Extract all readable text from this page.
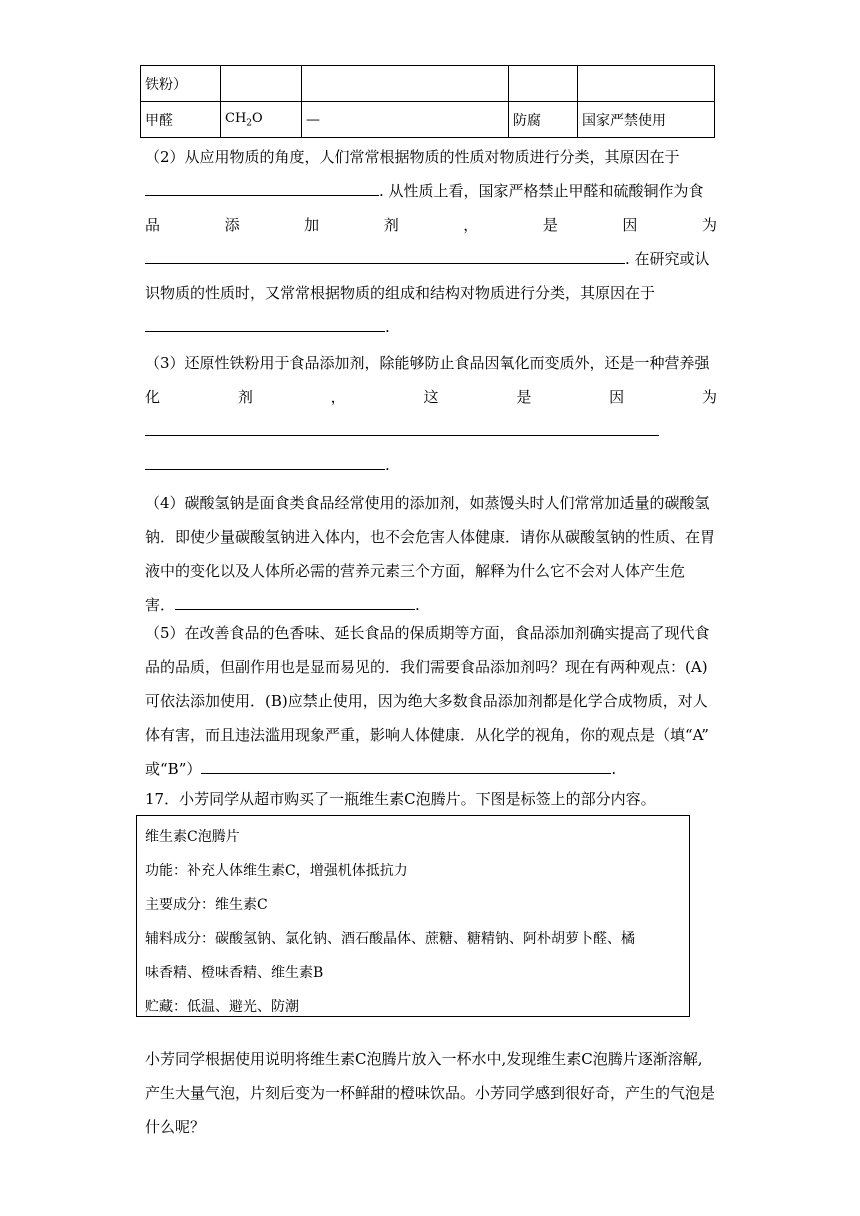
铁粉）				
甲醛	$CH_2O$	—	防腐	国家严禁使用
（2）从应用物质的角度，人们常常根据物质的性质对物质进行分类，其原因在于
. 从性质上看，国家严格禁止甲醛和硫酸铜作为食
品	添	加	剂	，	是	因	为
. 在研究或认
识物质的性质时，又常常根据物质的组成和结构对物质进行分类，其原因在于
.
（3）还原性铁粉用于食品添加剂，除能够防止食品因氧化而变质外，还是一种营养强
化	剂	，	这	是	因	为
.
（4）碳酸氢钠是面食类食品经常使用的添加剂，如蒸馒头时人们常常加适量的碳酸氢
钠．即使少量碳酸氢钠进入体内，也不会危害人体健康．请你从碳酸氢钠的性质、在胃
液中的变化以及人体所必需的营养元素三个方面，解释为什么它不会对人体产生危
害．	.
（5）在改善食品的色香味、延长食品的保质期等方面，食品添加剂确实提高了现代食
品的品质，但副作用也是显而易见的．我们需要食品添加剂吗？现在有两种观点：(A)
可依法添加使用．(B)应禁止使用，因为绝大多数食品添加剂都是化学合成物质，对人
体有害，而且违法滥用现象严重，影响人体健康．从化学的视角，你的观点是（填“A”
或“B”）	.
17．小芳同学从超市购买了一瓶维生素C泡腾片。下图是标签上的部分内容。
维生素C泡腾片
功能：补充人体维生素C，增强机体抵抗力
主要成分：维生素C
辅料成分：碳酸氢钠、氯化钠、酒石酸晶体、蔗糖、糖精钠、阿朴胡萝卜醛、橘
味香精、橙味香精、维生素B
贮藏：低温、避光、防潮
小芳同学根据使用说明将维生素C泡腾片放入一杯水中,发现维生素C泡腾片逐渐溶解,
产生大量气泡，片刻后变为一杯鲜甜的橙味饮品。小芳同学感到很好奇，产生的气泡是
什么呢？
